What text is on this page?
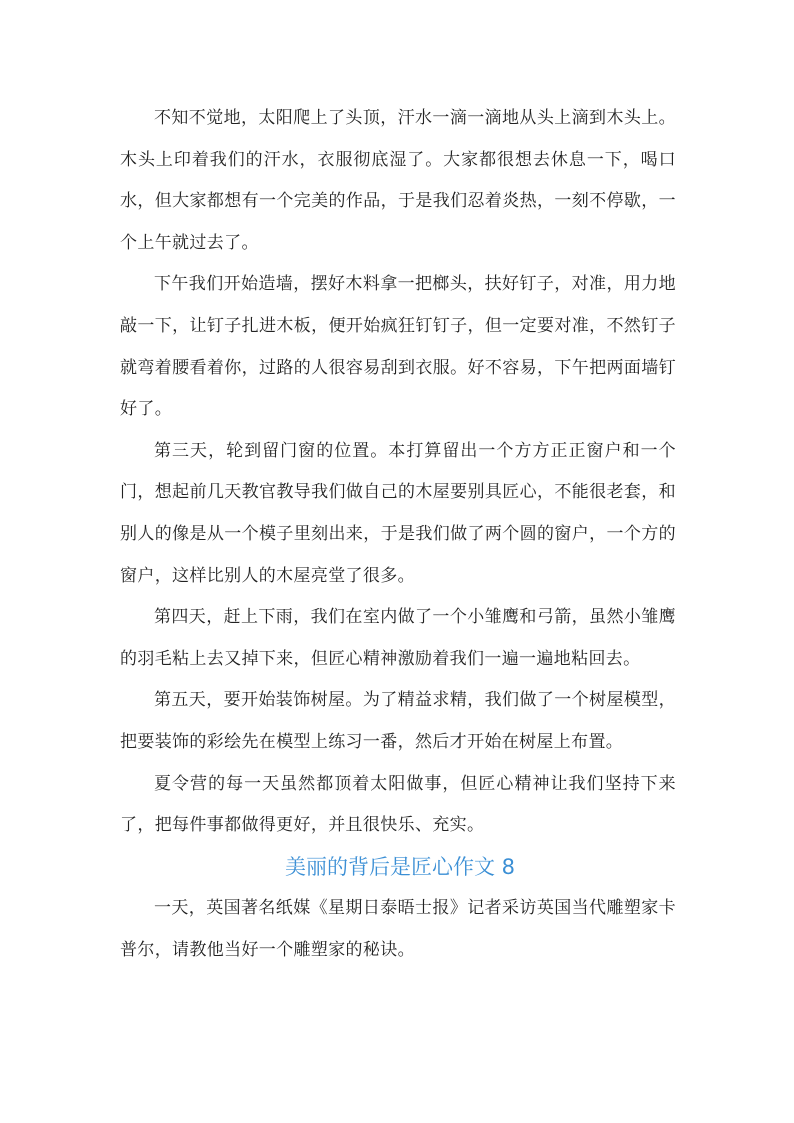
不知不觉地，太阳爬上了头顶，汗水一滴一滴地从头上滴到木头上。木头上印着我们的汗水，衣服彻底湿了。大家都很想去休息一下，喝口水，但大家都想有一个完美的作品，于是我们忍着炎热，一刻不停歇，一个上午就过去了。

下午我们开始造墙，摆好木料拿一把榔头，扶好钉子，对准，用力地敲一下，让钉子扎进木板，便开始疯狂钉钉子，但一定要对准，不然钉子就弯着腰看着你，过路的人很容易刮到衣服。好不容易，下午把两面墙钉好了。

第三天，轮到留门窗的位置。本打算留出一个方方正正窗户和一个门，想起前几天教官教导我们做自己的木屋要别具匠心，不能很老套，和别人的像是从一个模子里刻出来，于是我们做了两个圆的窗户，一个方的窗户，这样比别人的木屋亮堂了很多。

第四天，赶上下雨，我们在室内做了一个小雏鹰和弓箭，虽然小雏鹰的羽毛粘上去又掉下来，但匠心精神激励着我们一遍一遍地粘回去。

第五天，要开始装饰树屋。为了精益求精，我们做了一个树屋模型，把要装饰的彩绘先在模型上练习一番，然后才开始在树屋上布置。

夏令营的每一天虽然都顶着太阳做事，但匠心精神让我们坚持下来了，把每件事都做得更好，并且很快乐、充实。

美丽的背后是匠心作文 8

一天，英国著名纸媒《星期日泰晤士报》记者采访英国当代雕塑家卡普尔，请教他当好一个雕塑家的秘诀。
